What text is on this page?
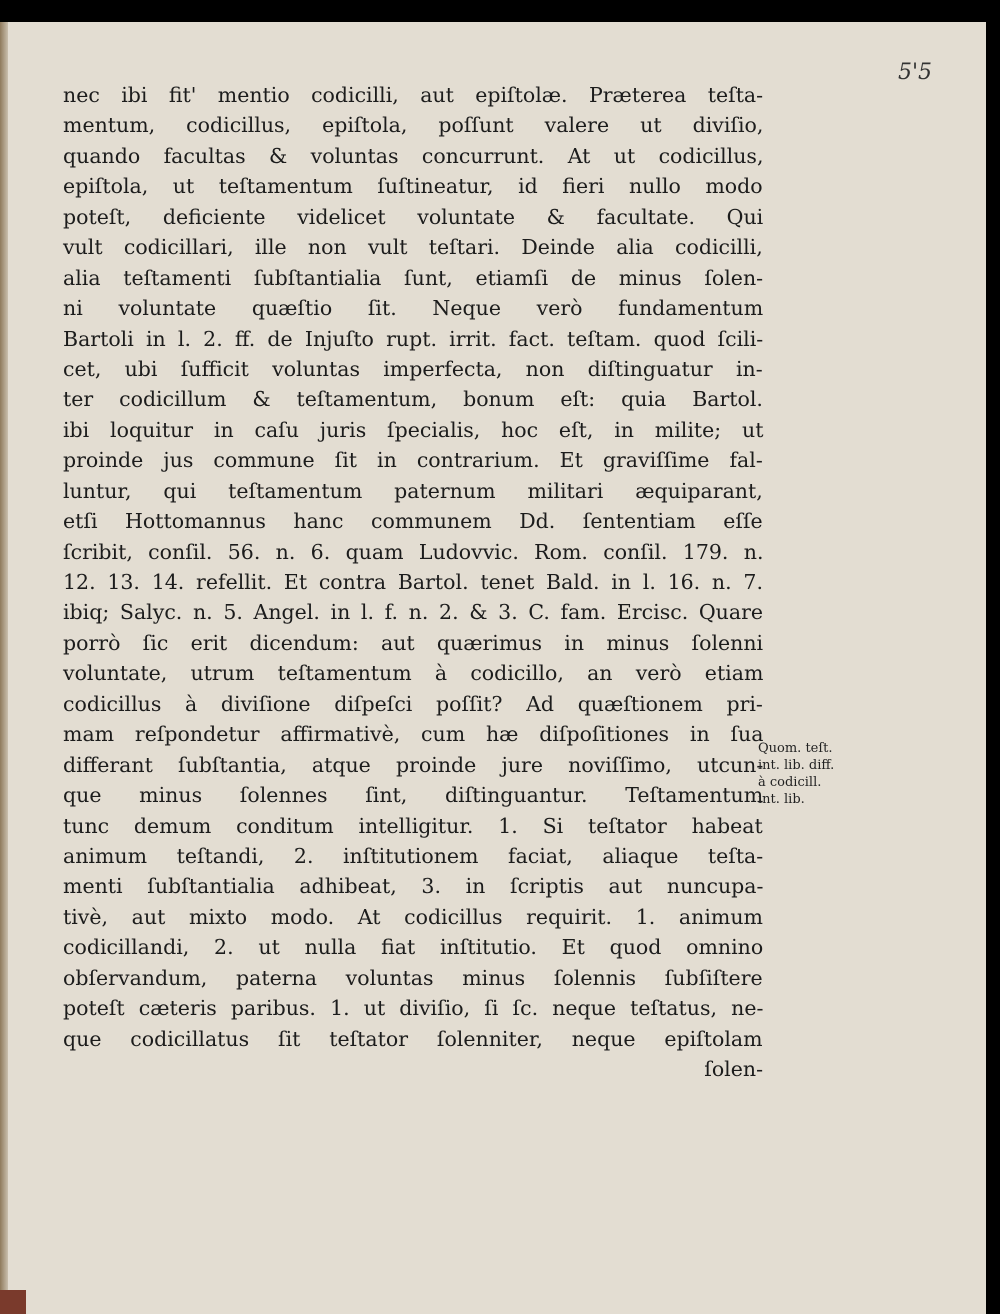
5'5
nec ibi fit' mentio codicilli, aut epiſtolæ. Præterea teſta-
mentum, codicillus, epiſtola, poſſunt valere ut diviſio,
quando facultas & voluntas concurrunt. At ut codicillus,
epiſtola, ut teſtamentum ſuſtineatur, id fieri nullo modo
poteſt, deficiente videlicet voluntate & facultate. Qui
vult codicillari, ille non vult teſtari. Deinde alia codicilli,
alia teſtamenti ſubſtantialia ſunt, etiamſi de minus ſolen-
ni voluntate quæſtio ſit. Neque verò fundamentum
Bartoli in l. 2. ff. de Injuſto rupt. irrit. fact. teſtam. quod ſcili-
cet, ubi ſufficit voluntas imperfecta, non diſtinguatur in-
ter codicillum & teſtamentum, bonum eſt: quia Bartol.
ibi loquitur in caſu juris ſpecialis, hoc eſt, in milite; ut
proinde jus commune ſit in contrarium. Et graviſſime fal-
luntur, qui teſtamentum paternum militari æquiparant,
etſi Hottomannus hanc communem Dd. ſententiam eſſe
ſcribit, conſil. 56. n. 6. quam Ludovvic. Rom. conſil. 179. n.
12. 13. 14. refellit. Et contra Bartol. tenet Bald. in l. 16. n. 7.
ibiq; Salyc. n. 5. Angel. in l. f. n. 2. & 3. C. fam. Ercisc. Quare
porrò ſic erit dicendum: aut quærimus in minus ſolenni
voluntate, utrum teſtamentum à codicillo, an verò etiam
codicillus à diviſione diſpeſci poſſit? Ad quæſtionem pri-
mam reſpondetur affirmativè, cum hæ diſpoſitiones in ſua
differant ſubſtantia, atque proinde jure noviſſimo, utcun-
que minus ſolennes ſint, diſtinguantur. Teſtamentum
tunc demum conditum intelligitur. 1. Si teſtator habeat
animum teſtandi, 2. inſtitutionem faciat, aliaque teſta-
menti ſubſtantialia adhibeat, 3. in ſcriptis aut nuncupa-
tivè, aut mixto modo. At codicillus requirit. 1. animum
codicillandi, 2. ut nulla fiat inſtitutio. Et quod omnino
obſervandum, paterna voluntas minus ſolennis ſubſiſtere
poteſt cæteris paribus. 1. ut diviſio, ſi ſc. neque teſtatus, ne-
que codicillatus ſit teſtator ſolenniter, neque epiſtolam
ſolen-
Quom. teſt.
int. lib. diff.
à codicill.
int. lib.
